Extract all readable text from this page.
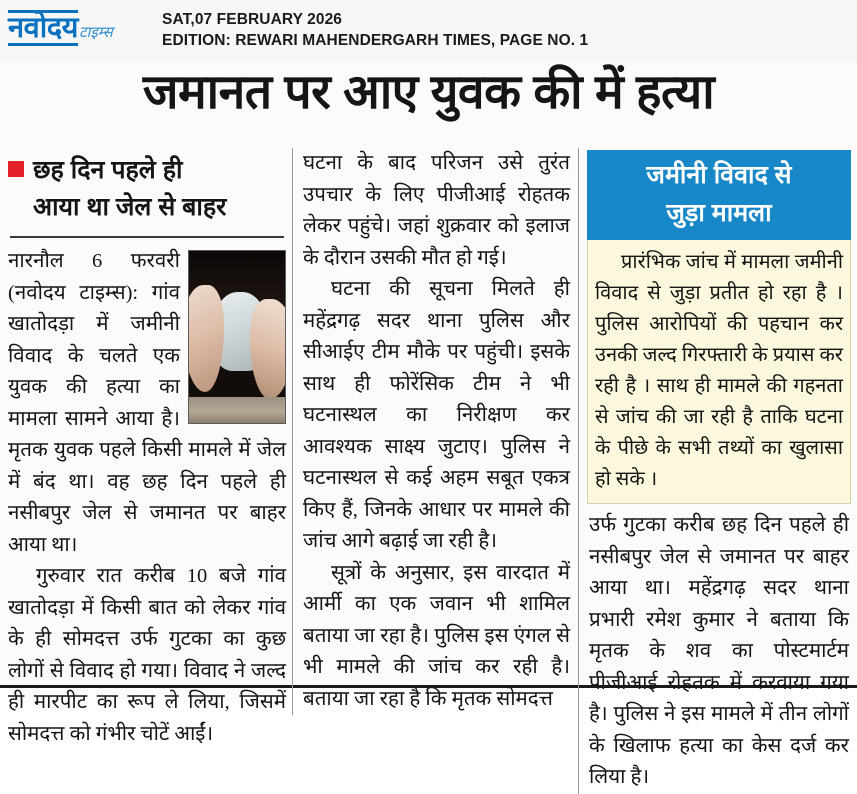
नवोदय टाइम्स
SAT,07 FEBRUARY 2026
EDITION: REWARI MAHENDERGARH TIMES, PAGE NO. 1
जमानत पर आए युवक की में हत्या
छह दिन पहले ही
आया था जेल से बाहर

नारनौल 6 फरवरी (नवोदय टाइम्स): गांव खातोदड़ा में जमीनी विवाद के चलते एक युवक की हत्या का मामला सामने आया है। मृतक युवक पहले किसी मामले में जेल में बंद था। वह छह दिन पहले ही नसीबपुर जेल से जमानत पर बाहर आया था।

गुरुवार रात करीब 10 बजे गांव खातोदड़ा में किसी बात को लेकर गांव के ही सोमदत्त उर्फ गुटका का कुछ लोगों से विवाद हो गया। विवाद ने जल्द ही मारपीट का रूप ले लिया, जिसमें सोमदत्त को गंभीर चोटें आईं।

घटना के बाद परिजन उसे तुरंत उपचार के लिए पीजीआई रोहतक लेकर पहुंचे। जहां शुक्रवार को इलाज के दौरान उसकी मौत हो गई।

घटना की सूचना मिलते ही महेंद्रगढ़ सदर थाना पुलिस और सीआईए टीम मौके पर पहुंची। इसके साथ ही फोरेंसिक टीम ने भी घटनास्थल का निरीक्षण कर आवश्यक साक्ष्य जुटाए। पुलिस ने घटनास्थल से कई अहम सबूत एकत्र किए हैं, जिनके आधार पर मामले की जांच आगे बढ़ाई जा रही है।

सूत्रों के अनुसार, इस वारदात में आर्मी का एक जवान भी शामिल बताया जा रहा है। पुलिस इस एंगल से भी मामले की जांच कर रही है। बताया जा रहा है कि मृतक सोमदत्त

जमीनी विवाद से
जुड़ा मामला

प्रारंभिक जांच में मामला जमीनी विवाद से जुड़ा प्रतीत हो रहा है । पुलिस आरोपियों की पहचान कर उनकी जल्द गिरफ्तारी के प्रयास कर रही है । साथ ही मामले की गहनता से जांच की जा रही है ताकि घटना के पीछे के सभी तथ्यों का खुलासा हो सके ।

उर्फ गुटका करीब छह दिन पहले ही नसीबपुर जेल से जमानत पर बाहर आया था। महेंद्रगढ़ सदर थाना प्रभारी रमेश कुमार ने बताया कि मृतक के शव का पोस्टमार्टम पीजीआई रोहतक में करवाया गया है। पुलिस ने इस मामले में तीन लोगों के खिलाफ हत्या का केस दर्ज कर लिया है।
